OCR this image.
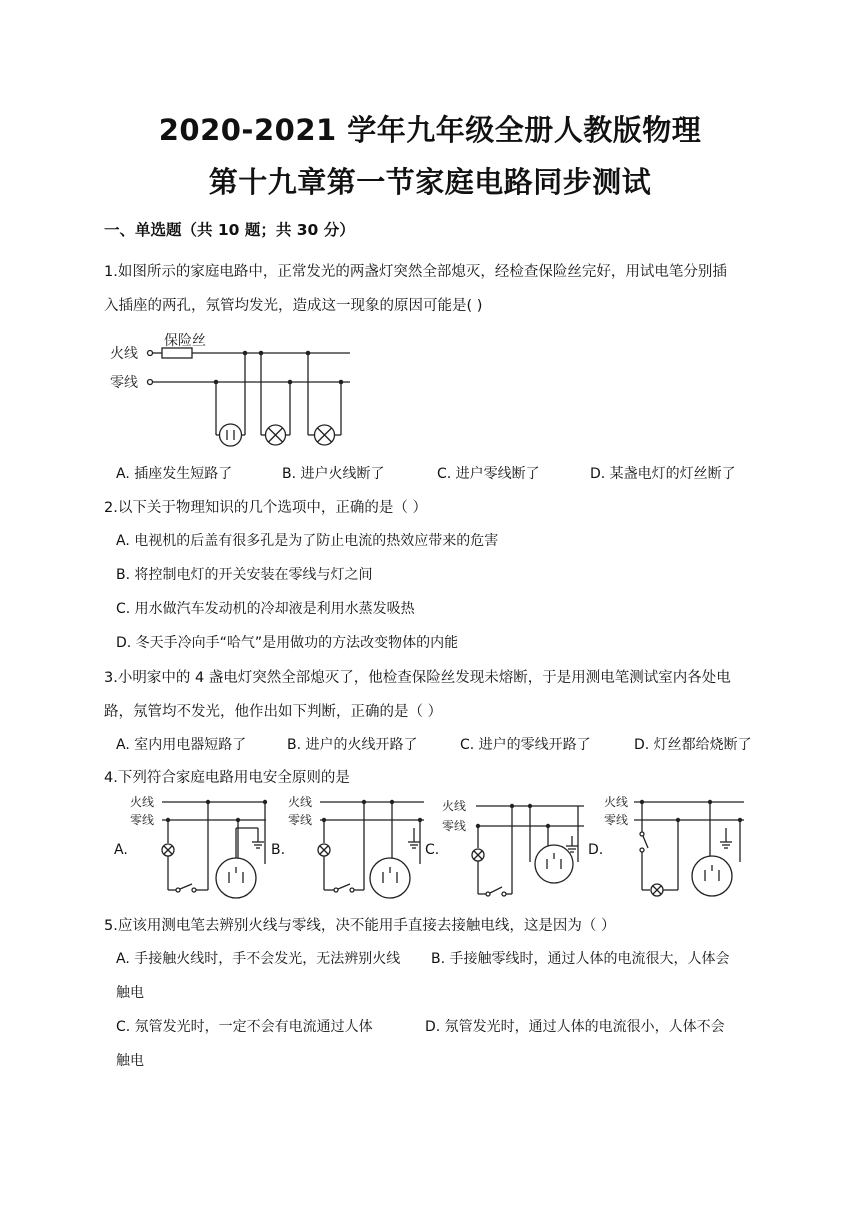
2020-2021 学年九年级全册人教版物理
第十九章第一节家庭电路同步测试
一、单选题（共 10 题；共 30 分）
1.如图所示的家庭电路中，正常发光的两盏灯突然全部熄灭，经检查保险丝完好，用试电笔分别插
入插座的两孔，氖管均发光，造成这一现象的原因可能是( )
火线
零线
保险丝
A. 插座发生短路了	B. 进户火线断了	C. 进户零线断了	D. 某盏电灯的灯丝断了
2.以下关于物理知识的几个选项中，正确的是（ ）
A. 电视机的后盖有很多孔是为了防止电流的热效应带来的危害
B. 将控制电灯的开关安装在零线与灯之间
C. 用水做汽车发动机的冷却液是利用水蒸发吸热
D. 冬天手冷向手“哈气”是用做功的方法改变物体的内能
3.小明家中的 4 盏电灯突然全部熄灭了，他检查保险丝发现未熔断，于是用测电笔测试室内各处电
路，氖管均不发光，他作出如下判断，正确的是（ ）
A. 室内用电器短路了	B. 进户的火线开路了	C. 进户的零线开路了	D. 灯丝都给烧断了
4.下列符合家庭电路用电安全原则的是
A.
火线
零线
B.
火线
零线
C.
火线
零线
D.
火线
零线
5.应该用测电笔去辨别火线与零线，决不能用手直接去接触电线，这是因为（ ）
A. 手接触火线时，手不会发光，无法辨别火线 B. 手接触零线时，通过人体的电流很大，人体会
触电
C. 氖管发光时，一定不会有电流通过人体	D. 氖管发光时，通过人体的电流很小，人体不会
触电
